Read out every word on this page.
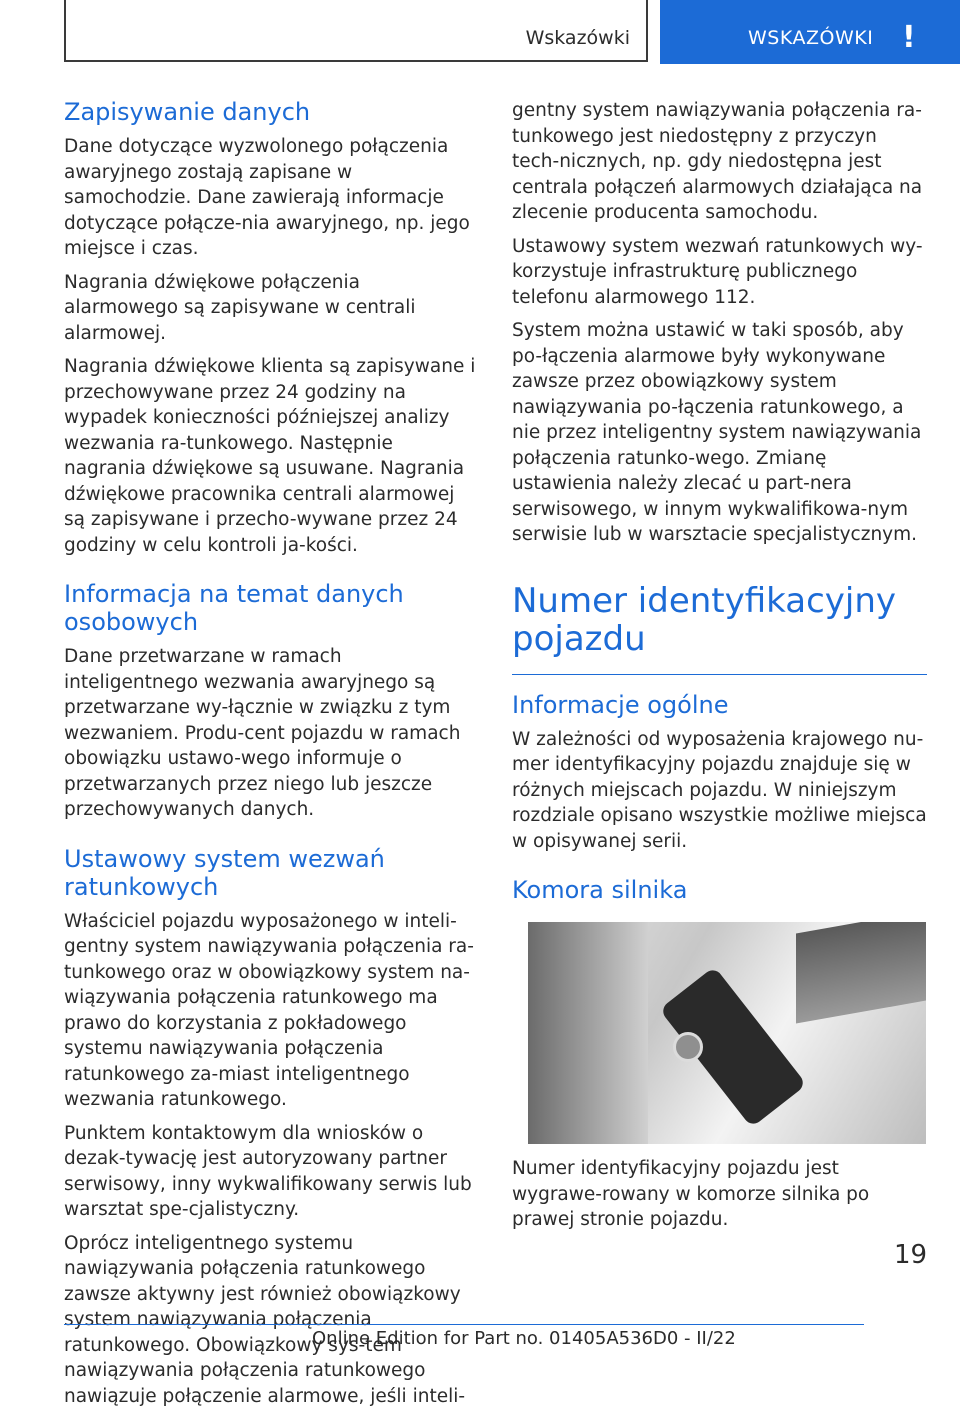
Wskazówki	WSKAZÓWKI !
Zapisywanie danych

Dane dotyczące wyzwolonego połączenia awaryjnego zostają zapisane w samochodzie. Dane zawierają informacje dotyczące połącze-nia awaryjnego, np. jego miejsce i czas.

Nagrania dźwiękowe połączenia alarmowego są zapisywane w centrali alarmowej.

Nagrania dźwiękowe klienta są zapisywane i przechowywane przez 24 godziny na wypadek konieczności późniejszej analizy wezwania ra-tunkowego. Następnie nagrania dźwiękowe są usuwane. Nagrania dźwiękowe pracownika centrali alarmowej są zapisywane i przecho-wywane przez 24 godziny w celu kontroli ja-kości.

Informacja na temat danych osobowych

Dane przetwarzane w ramach inteligentnego wezwania awaryjnego są przetwarzane wy-łącznie w związku z tym wezwaniem. Produ-cent pojazdu w ramach obowiązku ustawo-wego informuje o przetwarzanych przez niego lub jeszcze przechowywanych danych.

Ustawowy system wezwań ratunkowych

Właściciel pojazdu wyposażonego w inteli-gentny system nawiązywania połączenia ra-tunkowego oraz w obowiązkowy system na-wiązywania połączenia ratunkowego ma prawo do korzystania z pokładowego systemu nawiązywania połączenia ratunkowego za-miast inteligentnego wezwania ratunkowego.

Punktem kontaktowym dla wniosków o dezak-tywację jest autoryzowany partner serwisowy, inny wykwalifikowany serwis lub warsztat spe-cjalistyczny.

Oprócz inteligentnego systemu nawiązywania połączenia ratunkowego zawsze aktywny jest również obowiązkowy system nawiązywania połączenia ratunkowego. Obowiązkowy sys-tem nawiązywania połączenia ratunkowego nawiązuje połączenie alarmowe, jeśli inteli-

gentny system nawiązywania połączenia ra-tunkowego jest niedostępny z przyczyn tech-nicznych, np. gdy niedostępna jest centrala połączeń alarmowych działająca na zlecenie producenta samochodu.

Ustawowy system wezwań ratunkowych wy-korzystuje infrastrukturę publicznego telefonu alarmowego 112.

System można ustawić w taki sposób, aby po-łączenia alarmowe były wykonywane zawsze przez obowiązkowy system nawiązywania po-łączenia ratunkowego, a nie przez inteligentny system nawiązywania połączenia ratunko-wego. Zmianę ustawienia należy zlecać u part-nera serwisowego, w innym wykwalifikowa-nym serwisie lub w warsztacie specjalistycznym.

Numer identyfikacyjny pojazdu
Informacje ogólne

W zależności od wyposażenia krajowego nu-mer identyfikacyjny pojazdu znajduje się w różnych miejscach pojazdu. W niniejszym rozdziale opisano wszystkie możliwe miejsca w opisywanej serii.

Komora silnika

Numer identyfikacyjny pojazdu jest wygrawe-rowany w komorze silnika po prawej stronie pojazdu.

19
Online Edition for Part no. 01405A536D0 - II/22
